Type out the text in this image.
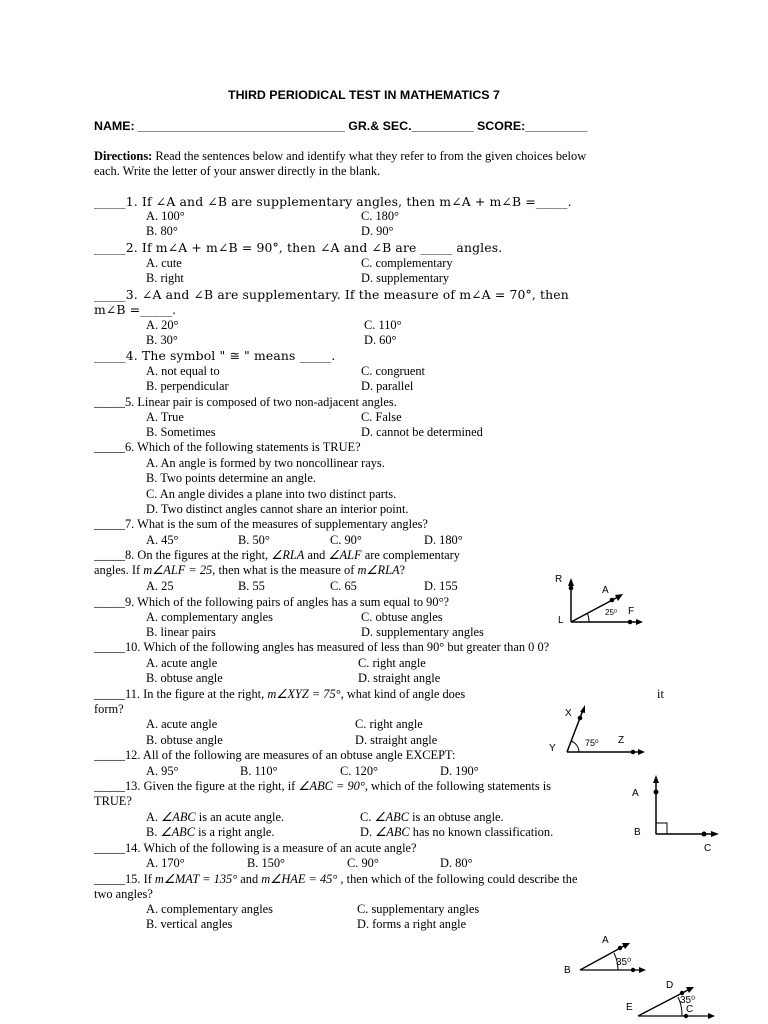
THIRD PERIODICAL TEST IN MATHEMATICS 7
NAME: ______________________________ GR.& SEC._________ SCORE:_________
Directions: Read the sentences below and identify what they refer to from the given choices below
each. Write the letter of your answer directly in the blank.
_____1. If ∠A and ∠B are supplementary angles, then m∠A + m∠B =_____.
A. 100°	C. 180°
B. 80°	D. 90°
_____2. If m∠A + m∠B = 90°, then ∠A and ∠B are _____ angles.
A. cute	C. complementary
B. right	D. supplementary
_____3. ∠A and ∠B are supplementary. If the measure of m∠A = 70°, then
m∠B =_____.
A. 20°	C. 110°
B. 30°	D. 60°
_____4. The symbol " ≅ " means _____.
A. not equal to	C. congruent
B. perpendicular	D. parallel
_____5. Linear pair is composed of two non-adjacent angles.
A. True	C. False
B. Sometimes	D. cannot be determined
_____6. Which of the following statements is TRUE?
A. An angle is formed by two noncollinear rays.
B. Two points determine an angle.
C. An angle divides a plane into two distinct parts.
D. Two distinct angles cannot share an interior point.
_____7. What is the sum of the measures of supplementary angles?
A. 45°	B. 50°	C. 90°	D. 180°
_____8. On the figures at the right, ∠RLA and ∠ALF are complementary
angles. If m∠ALF = 25, then what is the measure of m∠RLA?
A. 25	B. 55	C. 65	D. 155
_____9. Which of the following pairs of angles has a sum equal to 90°?
A. complementary angles	C. obtuse angles
B. linear pairs	D. supplementary angles
_____10. Which of the following angles has measured of less than 90° but greater than 0 0?
A. acute angle	C. right angle
B. obtuse angle	D. straight angle
_____11. In the figure at the right, m∠XYZ = 75°, what kind of angle does	it
form?
A. acute angle	C. right angle
B. obtuse angle	D. straight angle
_____12. All of the following are measures of an obtuse angle EXCEPT:
A. 95°	B. 110°	C. 120°	D. 190°
_____13. Given the figure at the right, if ∠ABC = 90°, which of the following statements is
TRUE?
A. ∠ABC is an acute angle.	C. ∠ABC is an obtuse angle.
B. ∠ABC is a right angle.	D. ∠ABC has no known classification.
_____14. Which of the following is a measure of an acute angle?
A. 170°	B. 150°	C. 90°	D. 80°
_____15. If m∠MAT = 135° and m∠HAE = 45° , then which of the following could describe the
two angles?
A. complementary angles	C. supplementary angles
B. vertical angles	D. forms a right angle
R
A
L
F
25⁰
X
Y
Z
75⁰
A
B
C
A
B
35⁰
D
E	C
35⁰
